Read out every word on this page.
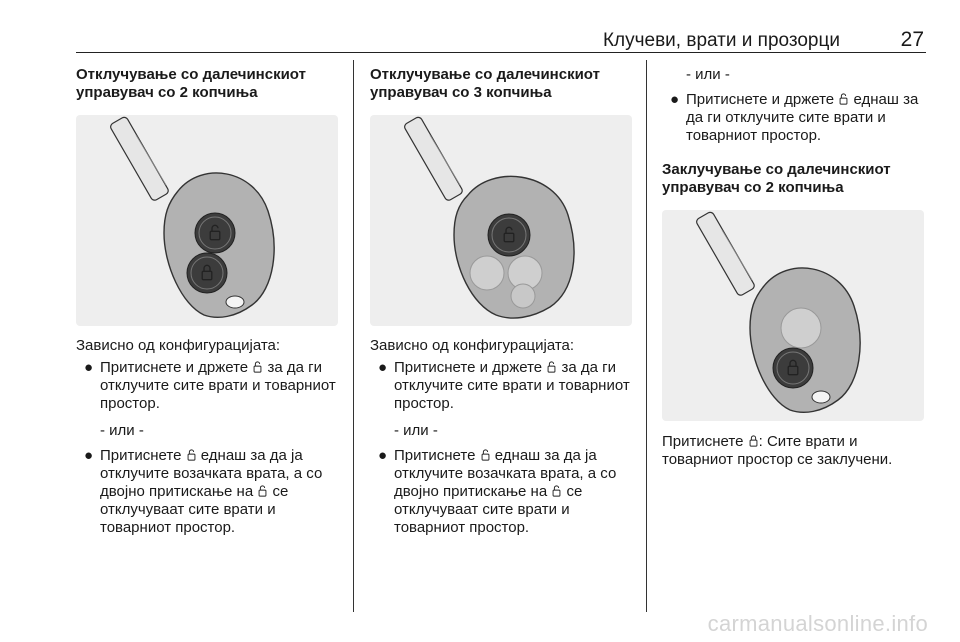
Клучеви, врати и прозорци	27

Отклучување со далечинскиот управувач со 2 копчиња

Зависно од конфигурацијата:

● Притиснете и држете за да ги отклучите сите врати и товарниот простор.
- или -
● Притиснете еднаш за да ја отклучите возачката врата, а со двојно притискање на се отклучуваат сите врати и товарниот простор.

Отклучување со далечинскиот управувач со 3 копчиња

Зависно од конфигурацијата:

● Притиснете и држете за да ги отклучите сите врати и товарниот простор.
- или -
● Притиснете еднаш за да ја отклучите возачката врата, а со двојно притискање на се отклучуваат сите врати и товарниот простор.
- или -
● Притиснете и држете еднаш за да ги отклучите сите врати и товарниот простор.

Заклучување со далечинскиот управувач со 2 копчиња

Притиснете : Сите врати и товарниот простор се заклучени.

carmanualsonline.info
